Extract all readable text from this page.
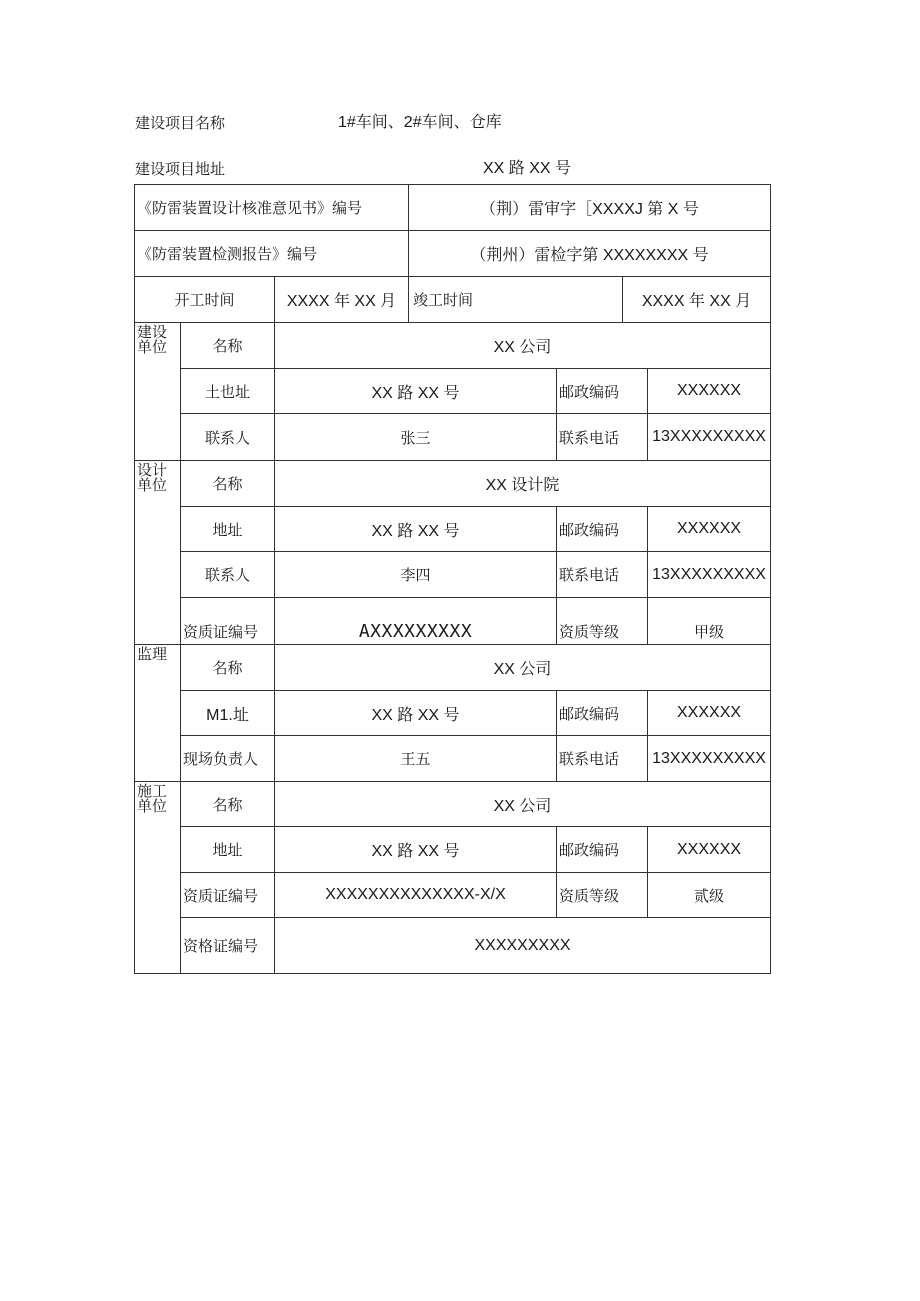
建设项目名称	1#车间、2#车间、仓库
建设项目地址	XX 路 XX 号
《防雷装置设计核准意见书》编号			（荆）雷审字［XXXXJ 第 X 号			
《防雷装置检测报告》编号			（荆州）雷检字第 XXXXXXXX 号			
开工时间		XXXX 年 XX 月	竣工时间		XXXX 年 XX 月	
建设单位	名称	XX 公司				
	土也址	XX 路 XX 号		邮政编码		XXXXXX
	联系人	张三		联系电话		13XXXXXXXXX
设计单位	名称	XX 设计院				
	地址	XX 路 XX 号		邮政编码		XXXXXX
	联系人	李四		联系电话		13XXXXXXXXX
	资质证编号	AXXXXXXXXX		资质等级		甲级
监理	名称	XX 公司				
	M1.址	XX 路 XX 号		邮政编码		XXXXXX
	现场负责人	王五		联系电话		13XXXXXXXXX
施工单位	名称	XX 公司				
	地址	XX 路 XX 号		邮政编码		XXXXXX
	资质证编号	XXXXXXXXXXXXXX-X/X		资质等级		贰级
	资格证编号	XXXXXXXXX				
